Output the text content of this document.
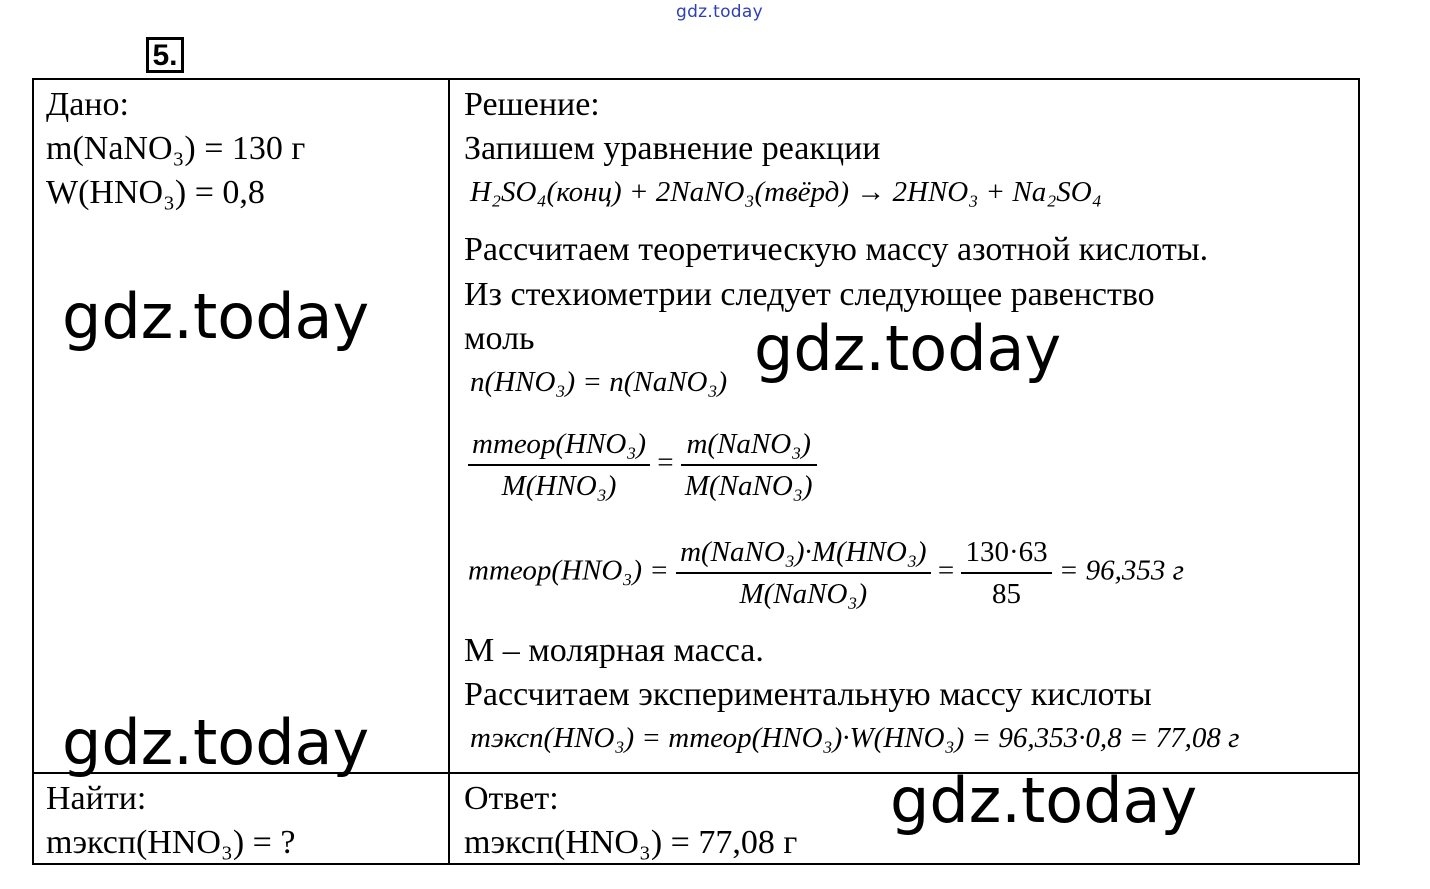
gdz.today
5.
Дано:
m(NaNO₃) = 130 г
W(HNO₃) = 0,8
Найти:
mэксп(HNO₃) = ?
Решение:
Запишем уравнение реакции
H₂SO₄(конц) + 2NaNO₃(твёрд) → 2HNO₃ + Na₂SO₄
Рассчитаем теоретическую массу азотной кислоты.
Из стехиометрии следует следующее равенство
моль
n(HNO₃) = n(NaNO₃)
$\frac{\text{mтеор(HNO₃)}}{\text{M(HNO₃)}} = \frac{\text{m(NaNO₃)}}{\text{M(NaNO₃)}}$
mтеор(HNO₃) = $\frac{\text{m(NaNO₃)·M(HNO₃)}}{\text{M(NaNO₃)}} = \frac{130\cdot 63}{85} = 96,353$ г
M – молярная масса.
Рассчитаем экспериментальную массу кислоты
mэксп(HNO₃) = mтеор(HNO₃)·W(HNO₃) = 96,353·0,8 = 77,08 г
Ответ:
mэксп(HNO₃) = 77,08 г
gdz.today	gdz.today
gdz.today
gdz.today
